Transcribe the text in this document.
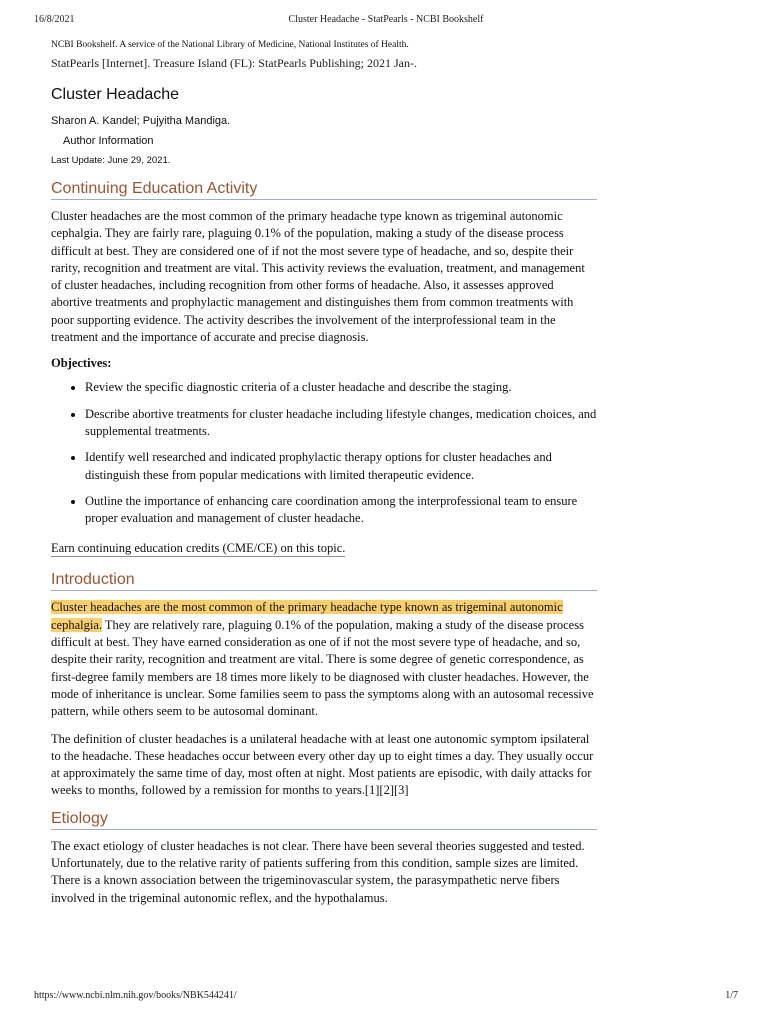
16/8/2021	Cluster Headache - StatPearls - NCBI Bookshelf
NCBI Bookshelf. A service of the National Library of Medicine, National Institutes of Health.
StatPearls [Internet]. Treasure Island (FL): StatPearls Publishing; 2021 Jan-.
Cluster Headache
Sharon A. Kandel; Pujyitha Mandiga.
Author Information
Last Update: June 29, 2021.
Continuing Education Activity

Cluster headaches are the most common of the primary headache type known as trigeminal autonomic cephalgia. They are fairly rare, plaguing 0.1% of the population, making a study of the disease process difficult at best. They are considered one of if not the most severe type of headache, and so, despite their rarity, recognition and treatment are vital. This activity reviews the evaluation, treatment, and management of cluster headaches, including recognition from other forms of headache. Also, it assesses approved abortive treatments and prophylactic management and distinguishes them from common treatments with poor supporting evidence. The activity describes the involvement of the interprofessional team in the treatment and the importance of accurate and precise diagnosis.

Objectives:
• Review the specific diagnostic criteria of a cluster headache and describe the staging.
• Describe abortive treatments for cluster headache including lifestyle changes, medication choices, and supplemental treatments.
• Identify well researched and indicated prophylactic therapy options for cluster headaches and distinguish these from popular medications with limited therapeutic evidence.
• Outline the importance of enhancing care coordination among the interprofessional team to ensure proper evaluation and management of cluster headache.
Earn continuing education credits (CME/CE) on this topic.
Introduction

Cluster headaches are the most common of the primary headache type known as trigeminal autonomic cephalgia. They are relatively rare, plaguing 0.1% of the population, making a study of the disease process difficult at best. They have earned consideration as one of if not the most severe type of headache, and so, despite their rarity, recognition and treatment are vital. There is some degree of genetic correspondence, as first-degree family members are 18 times more likely to be diagnosed with cluster headaches. However, the mode of inheritance is unclear. Some families seem to pass the symptoms along with an autosomal recessive pattern, while others seem to be autosomal dominant.

The definition of cluster headaches is a unilateral headache with at least one autonomic symptom ipsilateral to the headache. These headaches occur between every other day up to eight times a day. They usually occur at approximately the same time of day, most often at night. Most patients are episodic, with daily attacks for weeks to months, followed by a remission for months to years.[1][2][3]

Etiology

The exact etiology of cluster headaches is not clear. There have been several theories suggested and tested. Unfortunately, due to the relative rarity of patients suffering from this condition, sample sizes are limited. There is a known association between the trigeminovascular system, the parasympathetic nerve fibers involved in the trigeminal autonomic reflex, and the hypothalamus.

https://www.ncbi.nlm.nih.gov/books/NBK544241/	1/7
